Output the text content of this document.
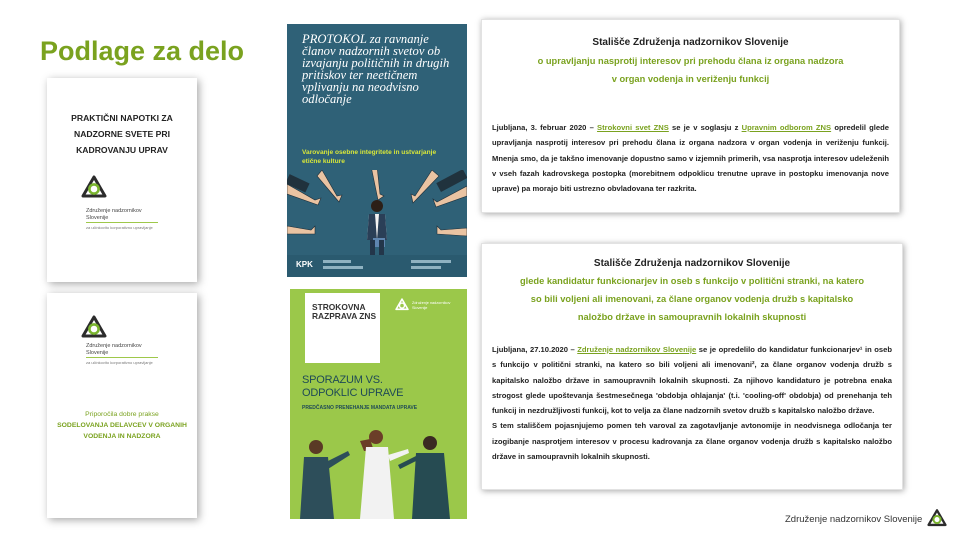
Podlage za delo
PRAKTIČNI NAPOTKI ZA NADZORNE SVETE PRI KADROVANJU UPRAV
Združenje nadzornikov
Slovenije
za učinkovito korporativno upravljanje
Združenje nadzornikov
Slovenije
za učinkovito korporativno upravljanje
Priporočila dobre prakse
SODELOVANJA DELAVCEV V ORGANIH VODENJA IN NADZORA
PROTOKOL za ravnanje članov nadzornih svetov ob izvajanju političnih in drugih pritiskov ter neetičnem vplivanju na neodvisno odločanje
Varovanje osebne integritete in ustvarjanje etične kulture
KPK
STROKOVNA RAZPRAVA ZNS
Združenje nadzornikov Slovenije
SPORAZUM VS. ODPOKLIC UPRAVE
PREDČASNO PRENEHANJE MANDATA UPRAVE
Stališče Združenja nadzornikov Slovenije
o upravljanju nasprotij interesov pri prehodu člana iz organa nadzora
v organ vodenja in veriženju funkcij
Ljubljana, 3. februar 2020 – Strokovni svet ZNS se je v soglasju z Upravnim odborom ZNS opredelil glede upravljanja nasprotij interesov pri prehodu člana iz organa nadzora v organ vodenja in veriženju funkcij. Mnenja smo, da je takšno imenovanje dopustno samo v izjemnih primerih, vsa nasprotja interesov udeleženih v vseh fazah kadrovskega postopka (morebitnem odpoklicu trenutne uprave in postopku imenovanja nove uprave) pa morajo biti ustrezno obvladovana ter razkrita.
Stališče Združenja nadzornikov Slovenije
glede kandidatur funkcionarjev in oseb s funkcijo v politični stranki, na katero
so bili voljeni ali imenovani, za člane organov vodenja družb s kapitalsko
naložbo države in samoupravnih lokalnih skupnosti
Ljubljana, 27.10.2020 – Združenje nadzornikov Slovenije se je opredelilo do kandidatur funkcionarjev¹ in oseb s funkcijo v politični stranki, na katero so bili voljeni ali imenovani², za člane organov vodenja družb s kapitalsko naložbo države in samoupravnih lokalnih skupnosti. Za njihovo kandidaturo je potrebna enaka strogost glede upoštevanja šestmesečnega 'obdobja ohlajanja' (t.i. 'cooling-off' obdobja) od prenehanja teh funkcij in nezdružljivosti funkcij, kot to velja za člane nadzornih svetov družb s kapitalsko naložbo države.
S tem stališčem pojasnjujemo pomen teh varoval za zagotavljanje avtonomije in neodvisnega odločanja ter izogibanje nasprotjem interesov v procesu kadrovanja za člane organov vodenja družb s kapitalsko naložbo države in samoupravnih lokalnih skupnosti.
Združenje nadzornikov Slovenije
